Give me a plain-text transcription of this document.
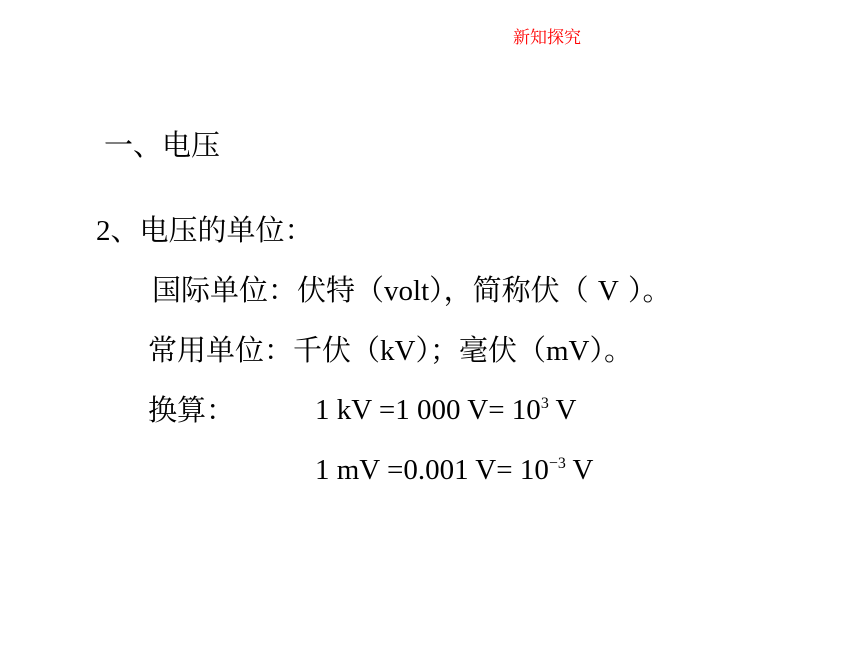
新知探究
一、电压
2、电压的单位：
国际单位：伏特（volt），简称伏（ V ）。
常用单位：千伏（kV）；毫伏（mV）。
换算：	1 kV =1 000 $V= 10^3$ V
1 mV =0.001 $V= 10^{-3}$ V
